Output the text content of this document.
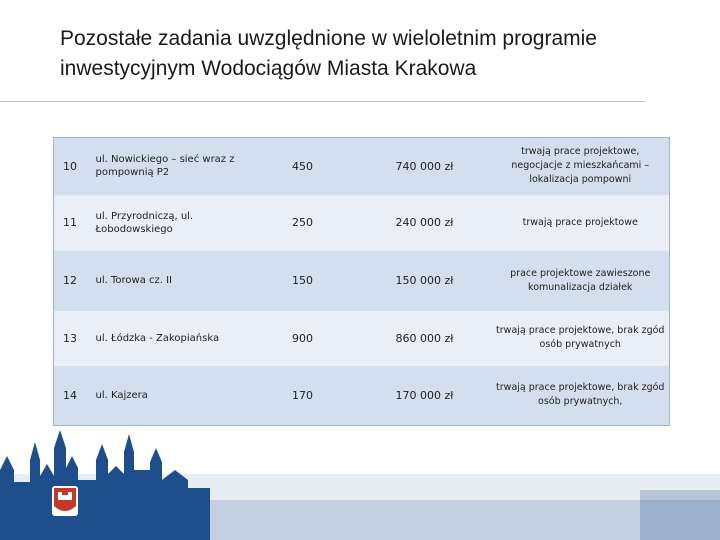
Pozostałe zadania uwzględnione w wieloletnim programie
inwestycyjnym Wodociągów Miasta Krakowa
10	ul. Nowickiego – sieć wraz z pompownią P2	450	740 000 zł	trwają prace projektowe, negocjacje z mieszkańcami – lokalizacja pompowni
11	ul. Przyrodniczą, ul. Łobodowskiego	250	240 000 zł	trwają prace projektowe
12	ul. Torowa cz. II	150	150 000 zł	prace projektowe zawieszone komunalizacja działek
13	ul. Łódzka - Zakopiańska	900	860 000 zł	trwają prace projektowe, brak zgód osób prywatnych
14	ul. Kajzera	170	170 000 zł	trwają prace projektowe, brak zgód osób prywatnych,
WODOCIĄGI
Miasta Krakowa
